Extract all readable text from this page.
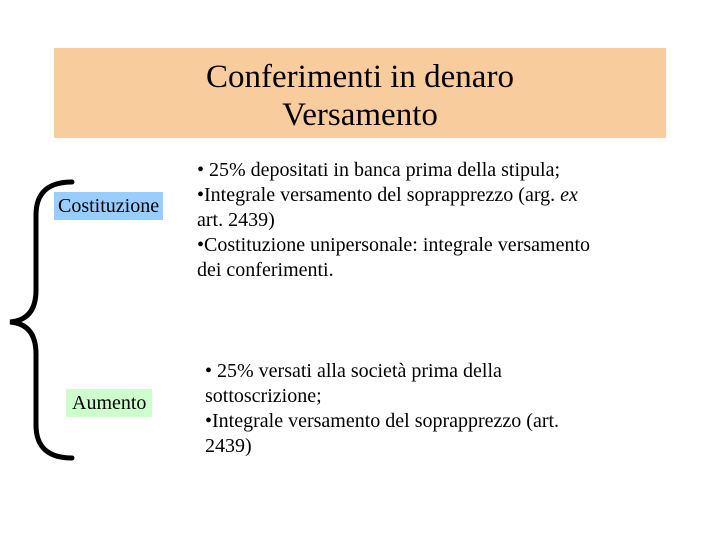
Conferimenti in denaro
Versamento
Costituzione
• 25% depositati in banca prima della stipula;
•Integrale versamento del soprapprezzo (arg. ex
art. 2439)
•Costituzione unipersonale: integrale versamento
dei conferimenti.
Aumento
• 25% versati alla società prima della
sottoscrizione;
•Integrale versamento del soprapprezzo (art.
2439)
